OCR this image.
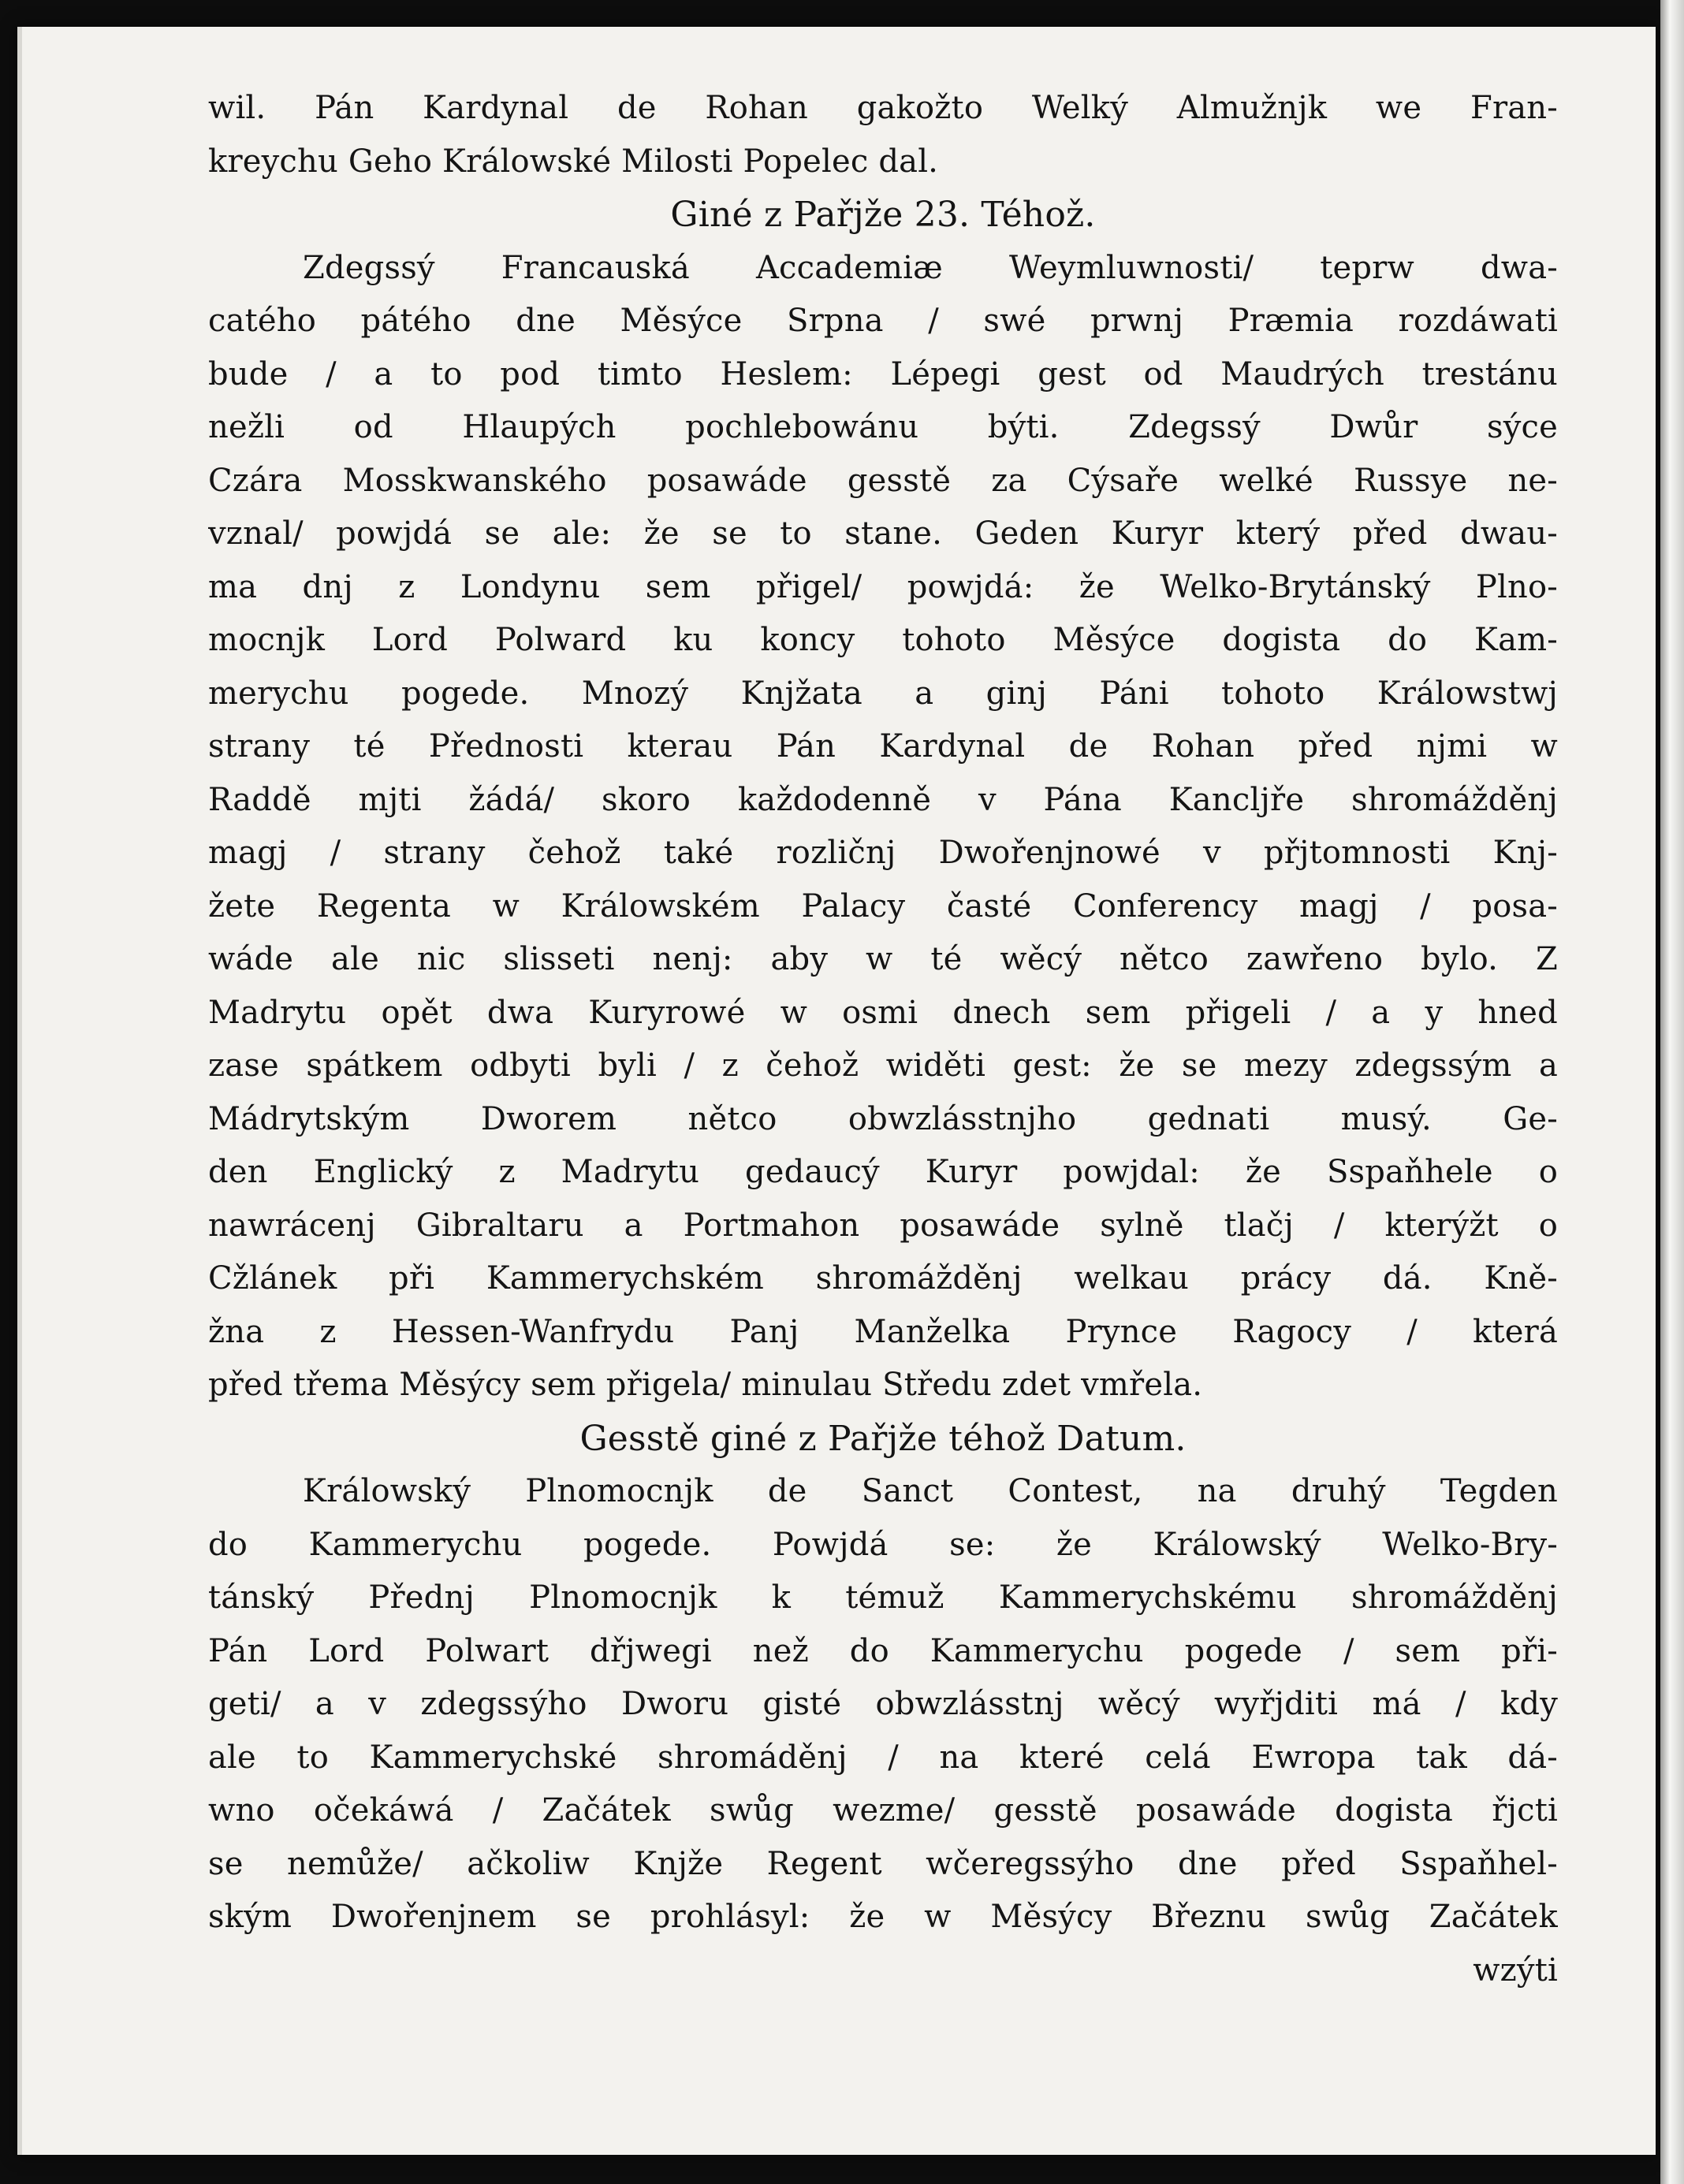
wil. Pán Kardynal de Rohan gakožto Welký Almužnjk we Fran-
kreychu Geho Králowské Milosti Popelec dal.
Giné z Pařjže 23. Téhož.
Zdegssý Francauská Accademiæ Weymluwnosti/ teprw dwa-
catého pátého dne Měsýce Srpna / swé prwnj Præmia rozdáwati
bude / a to pod timto Heslem: Lépegi gest od Maudrých trestánu
nežli od Hlaupých pochlebowánu býti. Zdegssý Dwůr sýce
Czára Mosskwanského posawáde gesstě za Cýsaře welké Russye ne-
vznal/ powjdá se ale: že se to stane. Geden Kuryr který před dwau-
ma dnj z Londynu sem přigel/ powjdá: že Welko-Brytánský Plno-
mocnjk Lord Polward ku koncy tohoto Měsýce dogista do Kam-
merychu pogede. Mnozý Knjžata a ginj Páni tohoto Králowstwj
strany té Přednosti kterau Pán Kardynal de Rohan před njmi w
Raddě mjti žádá/ skoro každodenně v Pána Kancljře shromážděnj
magj / strany čehož také rozličnj Dwořenjnowé v přjtomnosti Knj-
žete Regenta w Králowském Palacy časté Conferency magj / posa-
wáde ale nic slisseti nenj: aby w té wěcý nětco zawřeno bylo. Z
Madrytu opět dwa Kuryrowé w osmi dnech sem přigeli / a y hned
zase spátkem odbyti byli / z čehož widěti gest: že se mezy zdegssým a
Mádrytským Dworem nětco obwzlásstnjho gednati musý. Ge-
den Englický z Madrytu gedaucý Kuryr powjdal: že Sspaňhele o
nawrácenj Gibraltaru a Portmahon posawáde sylně tlačj / kterýžt o
Cžlánek při Kammerychském shromážděnj welkau prácy dá. Kně-
žna z Hessen-Wanfrydu Panj Manželka Prynce Ragocy / která
před třema Měsýcy sem přigela/ minulau Středu zdet vmřela.
Gesstě giné z Pařjže téhož Datum.
Králowský Plnomocnjk de Sanct Contest, na druhý Tegden
do Kammerychu pogede. Powjdá se: že Králowský Welko-Bry-
tánský Přednj Plnomocnjk k témuž Kammerychskému shromážděnj
Pán Lord Polwart dřjwegi než do Kammerychu pogede / sem při-
geti/ a v zdegssýho Dworu gisté obwzlásstnj wěcý wyřjditi má / kdy
ale to Kammerychské shromáděnj / na které celá Ewropa tak dá-
wno očekáwá / Začátek swůg wezme/ gesstě posawáde dogista řjcti
se nemůže/ ačkoliw Knjže Regent wčeregssýho dne před Sspaňhel-
ským Dwořenjnem se prohlásyl: že w Měsýcy Březnu swůg Začátek
wzýti
